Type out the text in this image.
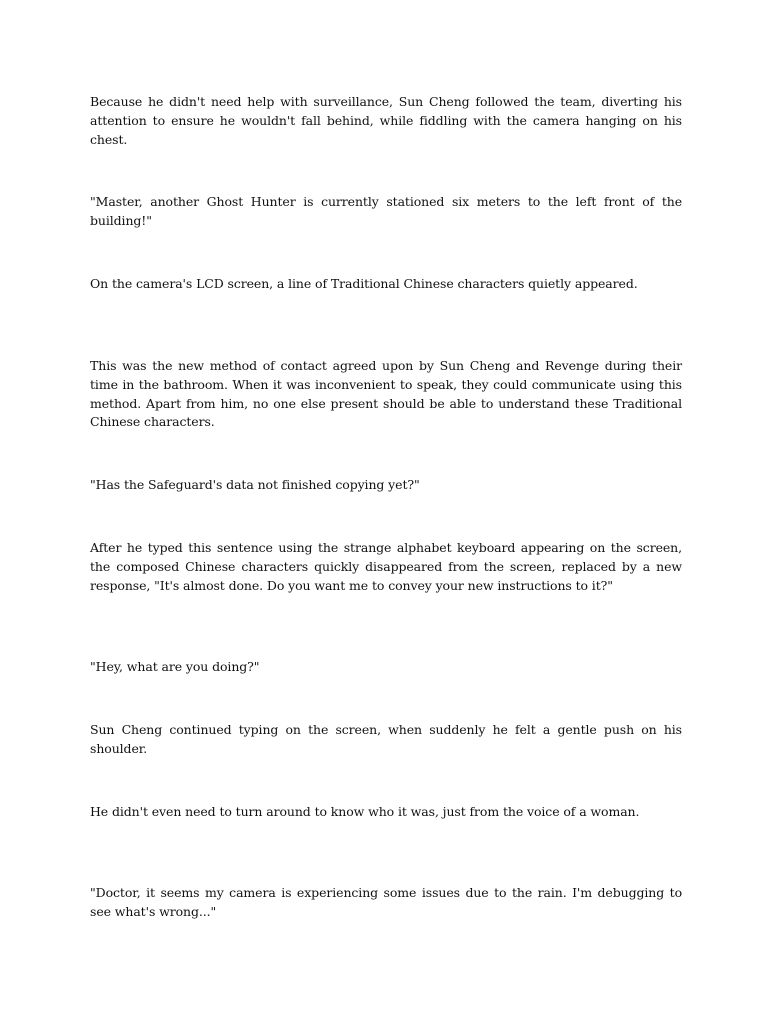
Because he didn't need help with surveillance, Sun Cheng followed the team, diverting his attention to ensure he wouldn't fall behind, while fiddling with the camera hanging on his chest.

"Master, another Ghost Hunter is currently stationed six meters to the left front of the building!"

On the camera's LCD screen, a line of Traditional Chinese characters quietly appeared.

This was the new method of contact agreed upon by Sun Cheng and Revenge during their time in the bathroom. When it was inconvenient to speak, they could communicate using this method. Apart from him, no one else present should be able to understand these Traditional Chinese characters.

"Has the Safeguard's data not finished copying yet?"

After he typed this sentence using the strange alphabet keyboard appearing on the screen, the composed Chinese characters quickly disappeared from the screen, replaced by a new response, "It's almost done. Do you want me to convey your new instructions to it?"

"Hey, what are you doing?"

Sun Cheng continued typing on the screen, when suddenly he felt a gentle push on his shoulder.

He didn't even need to turn around to know who it was, just from the voice of a woman.

"Doctor, it seems my camera is experiencing some issues due to the rain. I'm debugging to see what's wrong..."
